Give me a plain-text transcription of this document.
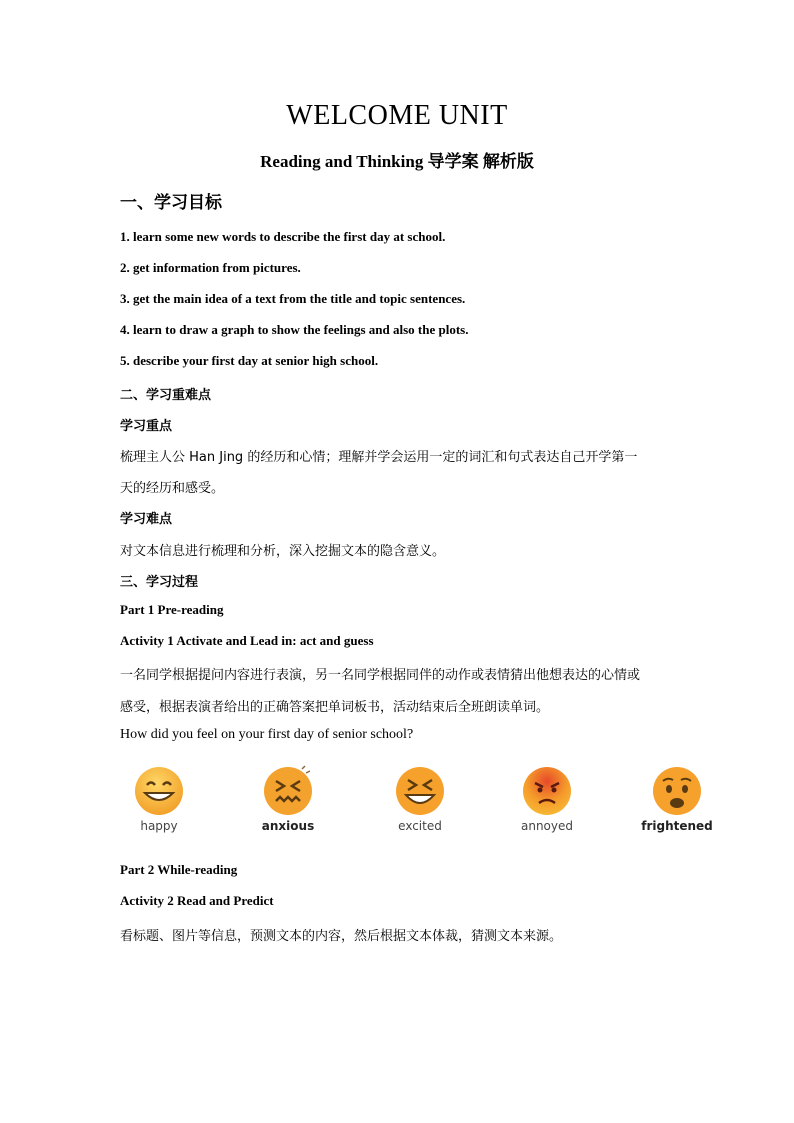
WELCOME UNIT
Reading and Thinking 导学案 解析版
一、学习目标
1. learn some new words to describe the first day at school.
2. get information from pictures.
3. get the main idea of a text from the title and topic sentences.
4. learn to draw a graph to show the feelings and also the plots.
5. describe your first day at senior high school.
二、学习重难点
学习重点
梳理主人公 Han Jing 的经历和心情；理解并学会运用一定的词汇和句式表达自己开学第一
天的经历和感受。
学习难点
对文本信息进行梳理和分析，深入挖掘文本的隐含意义。
三、学习过程
Part 1 Pre-reading
Activity 1 Activate and Lead in: act and guess
一名同学根据提问内容进行表演，另一名同学根据同伴的动作或表情猜出他想表达的心情或
感受，根据表演者给出的正确答案把单词板书，活动结束后全班朗读单词。
How did you feel on your first day of senior school?
happy	anxious	excited	annoyed	frightened
Part 2 While-reading
Activity 2 Read and Predict
看标题、图片等信息，预测文本的内容，然后根据文本体裁，猜测文本来源。
